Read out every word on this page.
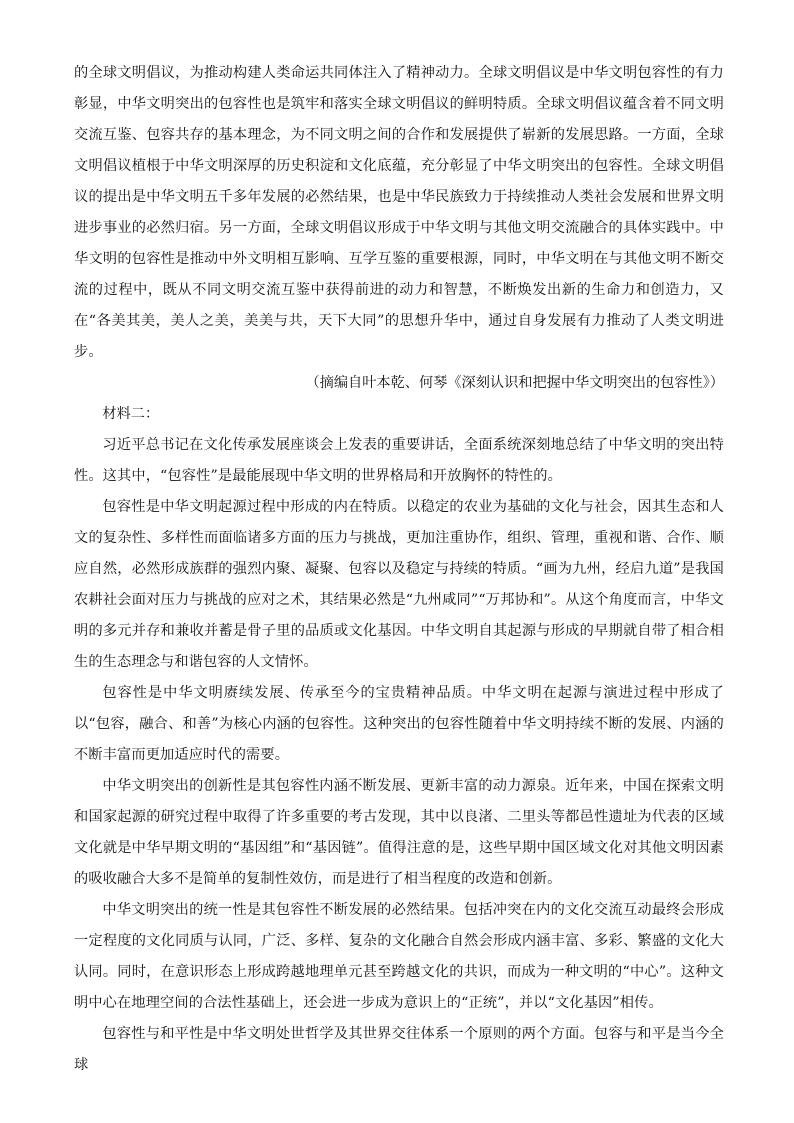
的全球文明倡议，为推动构建人类命运共同体注入了精神动力。全球文明倡议是中华文明包容性的有力彰显，中华文明突出的包容性也是筑牢和落实全球文明倡议的鲜明特质。全球文明倡议蕴含着不同文明交流互鉴、包容共存的基本理念，为不同文明之间的合作和发展提供了崭新的发展思路。一方面，全球文明倡议植根于中华文明深厚的历史积淀和文化底蕴，充分彰显了中华文明突出的包容性。全球文明倡议的提出是中华文明五千多年发展的必然结果，也是中华民族致力于持续推动人类社会发展和世界文明进步事业的必然归宿。另一方面，全球文明倡议形成于中华文明与其他文明交流融合的具体实践中。中华文明的包容性是推动中外文明相互影响、互学互鉴的重要根源，同时，中华文明在与其他文明不断交流的过程中，既从不同文明交流互鉴中获得前进的动力和智慧，不断焕发出新的生命力和创造力，又在“各美其美，美人之美，美美与共，天下大同”的思想升华中，通过自身发展有力推动了人类文明进步。

（摘编自叶本乾、何琴《深刻认识和把握中华文明突出的包容性》）

材料二：

习近平总书记在文化传承发展座谈会上发表的重要讲话，全面系统深刻地总结了中华文明的突出特性。这其中，“包容性”是最能展现中华文明的世界格局和开放胸怀的特性的。

包容性是中华文明起源过程中形成的内在特质。以稳定的农业为基础的文化与社会，因其生态和人文的复杂性、多样性而面临诸多方面的压力与挑战，更加注重协作，组织、管理，重视和谐、合作、顺应自然，必然形成族群的强烈内聚、凝聚、包容以及稳定与持续的特质。“画为九州，经启九道”是我国农耕社会面对压力与挑战的应对之术，其结果必然是“九州咸同”“万邦协和”。从这个角度而言，中华文明的多元并存和兼收并蓄是骨子里的品质或文化基因。中华文明自其起源与形成的早期就自带了相合相生的生态理念与和谐包容的人文情怀。

包容性是中华文明赓续发展、传承至今的宝贵精神品质。中华文明在起源与演进过程中形成了以“包容，融合、和善”为核心内涵的包容性。这种突出的包容性随着中华文明持续不断的发展、内涵的不断丰富而更加适应时代的需要。

中华文明突出的创新性是其包容性内涵不断发展、更新丰富的动力源泉。近年来，中国在探索文明和国家起源的研究过程中取得了许多重要的考古发现，其中以良渚、二里头等都邑性遗址为代表的区域文化就是中华早期文明的“基因组”和“基因链”。值得注意的是，这些早期中国区域文化对其他文明因素的吸收融合大多不是简单的复制性效仿，而是进行了相当程度的改造和创新。

中华文明突出的统一性是其包容性不断发展的必然结果。包括冲突在内的文化交流互动最终会形成一定程度的文化同质与认同，广泛、多样、复杂的文化融合自然会形成内涵丰富、多彩、繁盛的文化大认同。同时，在意识形态上形成跨越地理单元甚至跨越文化的共识，而成为一种文明的“中心”。这种文明中心在地理空间的合法性基础上，还会进一步成为意识上的“正统”，并以“文化基因”相传。

包容性与和平性是中华文明处世哲学及其世界交往体系一个原则的两个方面。包容与和平是当今全球
